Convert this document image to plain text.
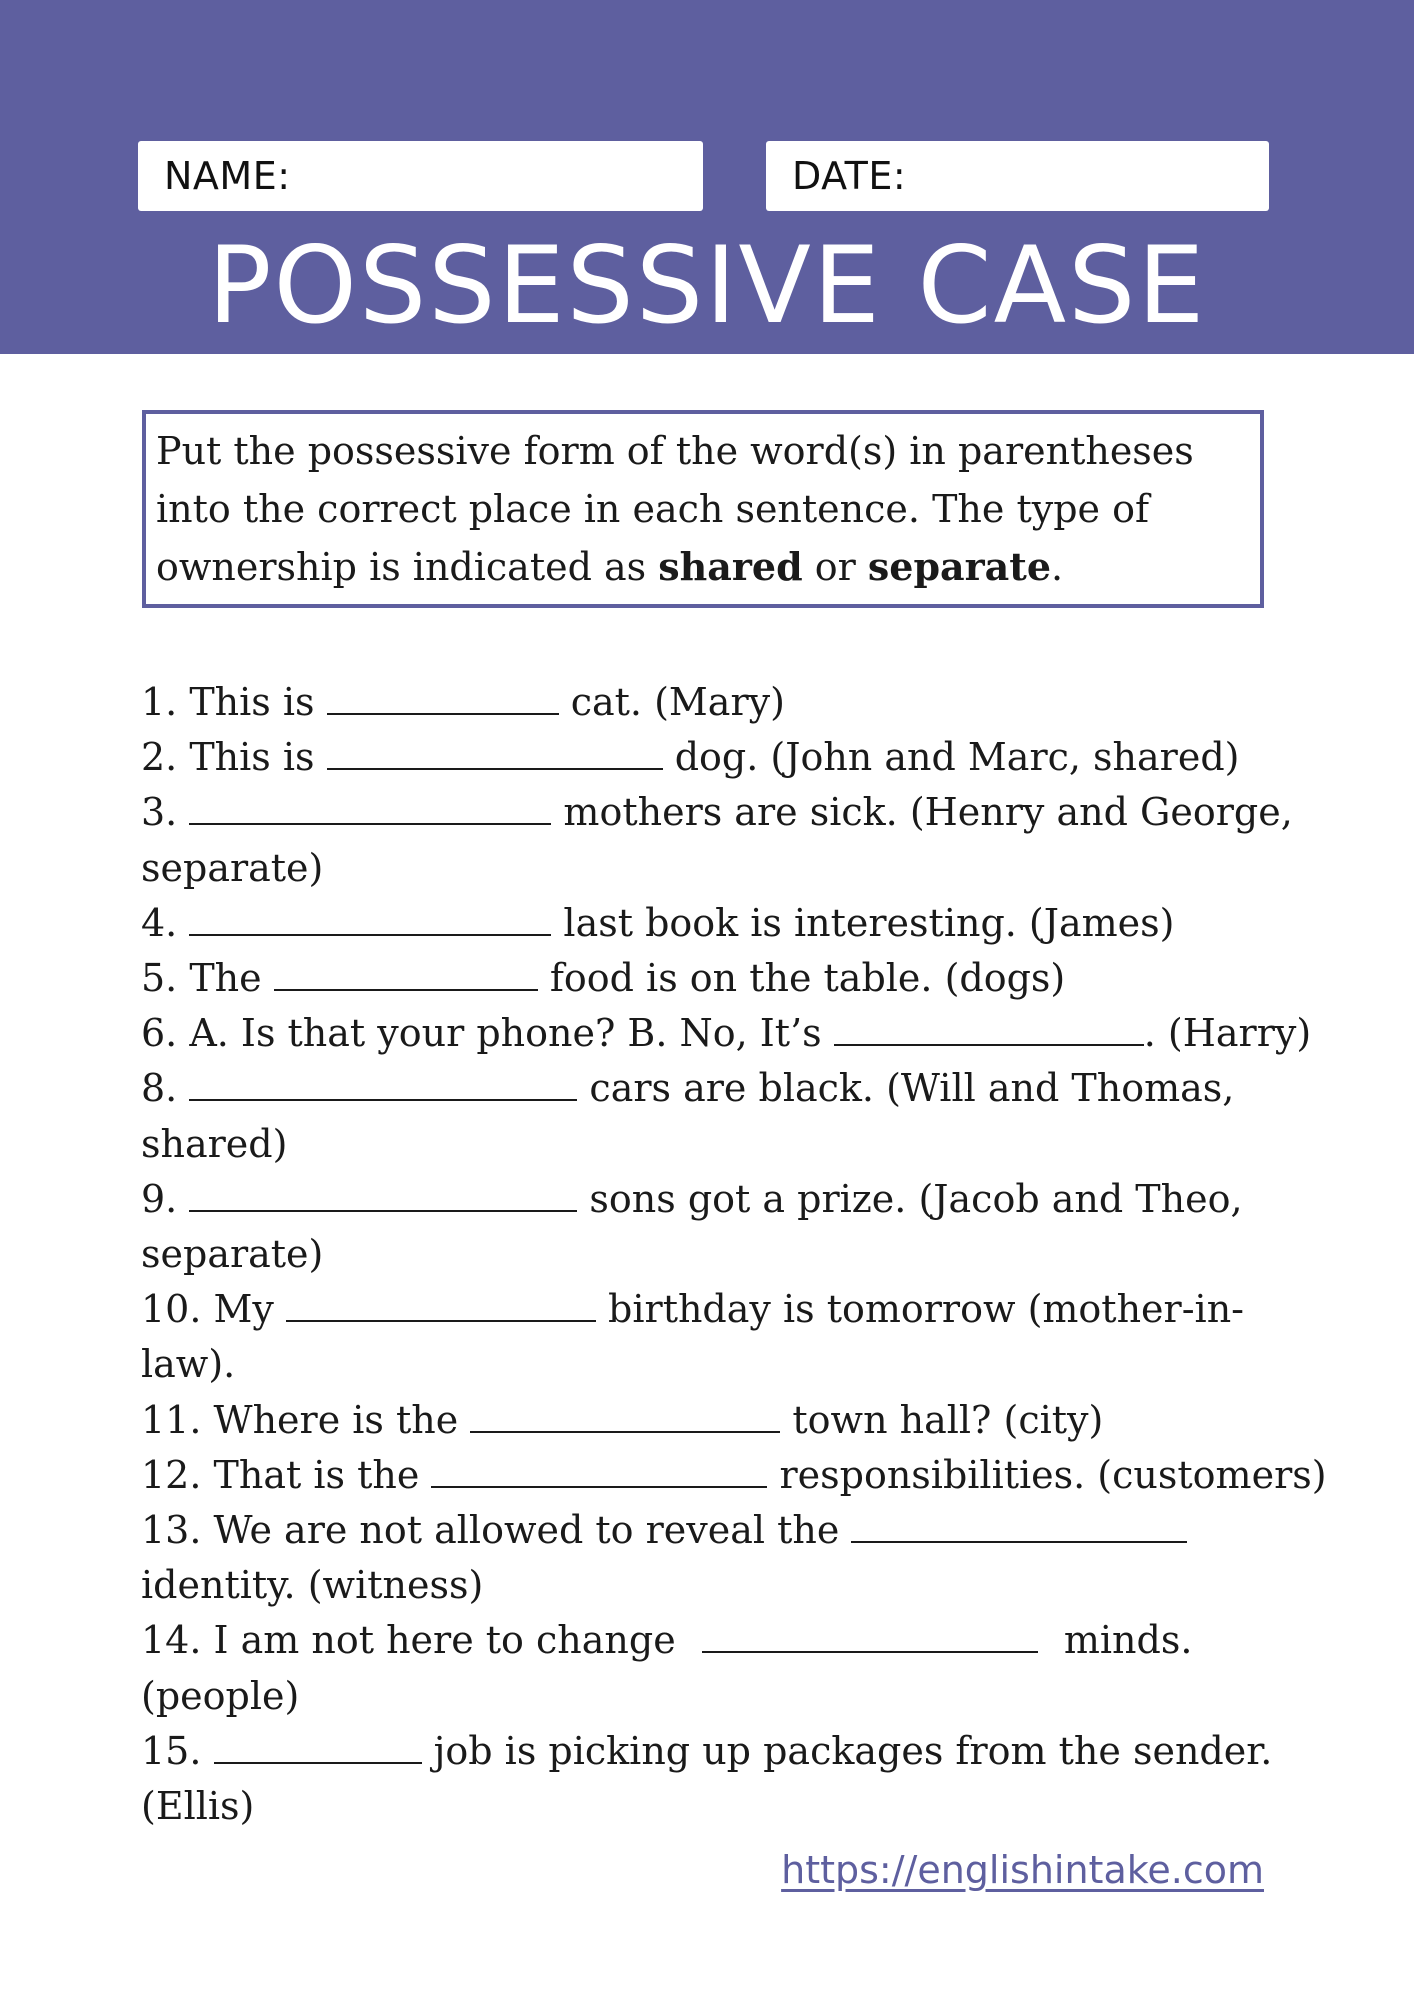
NAME:	DATE:
POSSESSIVE CASE
Put the possessive form of the word(s) in parentheses into the correct place in each sentence. The type of ownership is indicated as shared or separate.
1. This is	cat. (Mary)
2. This is	dog. (John and Marc, shared)
3.	mothers are sick. (Henry and George,
separate)
4.	last book is interesting. (James)
5. The	food is on the table. (dogs)
6. A. Is that your phone? B. No, It’s	. (Harry)
8.	cars are black. (Will and Thomas,
shared)
9.	sons got a prize. (Jacob and Theo,
separate)
10. My	birthday is tomorrow (mother-in-
law).
11. Where is the	town hall? (city)
12. That is the	responsibilities. (customers)
13. We are not allowed to reveal the
identity. (witness)
14. I am not here to change	minds.
(people)
15.	job is picking up packages from the sender.
(Ellis)
https://englishintake.com
